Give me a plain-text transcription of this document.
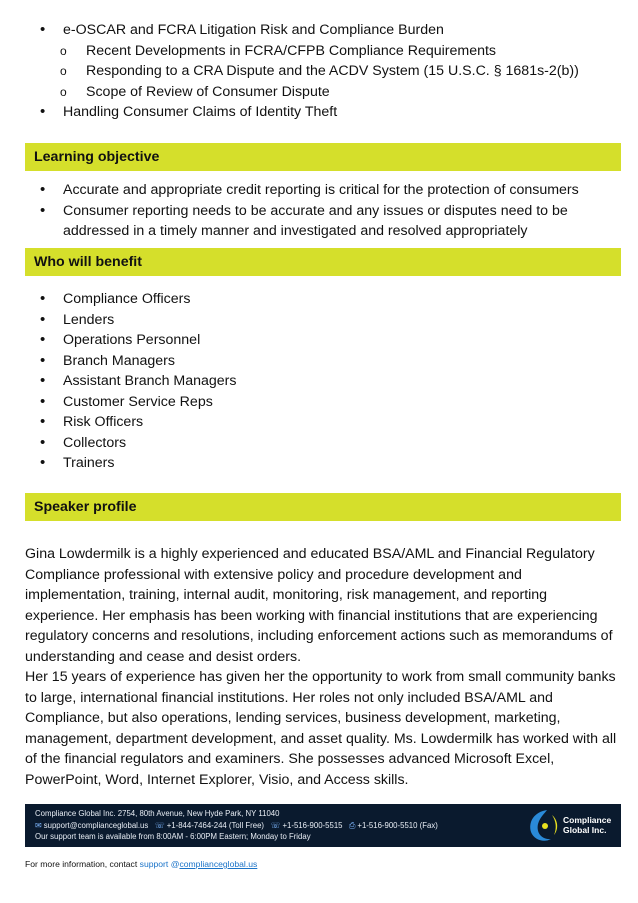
• e-OSCAR and FCRA Litigation Risk and Compliance Burden
o Recent Developments in FCRA/CFPB Compliance Requirements
o Responding to a CRA Dispute and the ACDV System (15 U.S.C. § 1681s-2(b))
o Scope of Review of Consumer Dispute
• Handling Consumer Claims of Identity Theft
Learning objective
• Accurate and appropriate credit reporting is critical for the protection of consumers
• Consumer reporting needs to be accurate and any issues or disputes need to be addressed in a timely manner and investigated and resolved appropriately
Who will benefit
• Compliance Officers
• Lenders
• Operations Personnel
• Branch Managers
• Assistant Branch Managers
• Customer Service Reps
• Risk Officers
• Collectors
• Trainers
Speaker profile

Gina Lowdermilk is a highly experienced and educated BSA/AML and Financial Regulatory Compliance professional with extensive policy and procedure development and implementation, training, internal audit, monitoring, risk management, and reporting experience. Her emphasis has been working with financial institutions that are experiencing regulatory concerns and resolutions, including enforcement actions such as memorandums of understanding and cease and desist orders.

Her 15 years of experience has given her the opportunity to work from small community banks to large, international financial institutions. Her roles not only included BSA/AML and Compliance, but also operations, lending services, business development, marketing, management, department development, and asset quality. Ms. Lowdermilk has worked with all of the financial regulators and examiners. She possesses advanced Microsoft Excel, PowerPoint, Word, Internet Explorer, Visio, and Access skills.

Compliance Global Inc. 2754, 80th Avenue, New Hyde Park, NY 11040
✉ support@complianceglobal.us ☏ +1-844-7464-244 (Toll Free) ☏ +1-516-900-5515 ⎙ +1-516-900-5510 (Fax)
Our support team is available from 8:00AM - 6:00PM Eastern; Monday to Friday
Compliance
Global Inc.
For more information, contact support @complianceglobal.us
